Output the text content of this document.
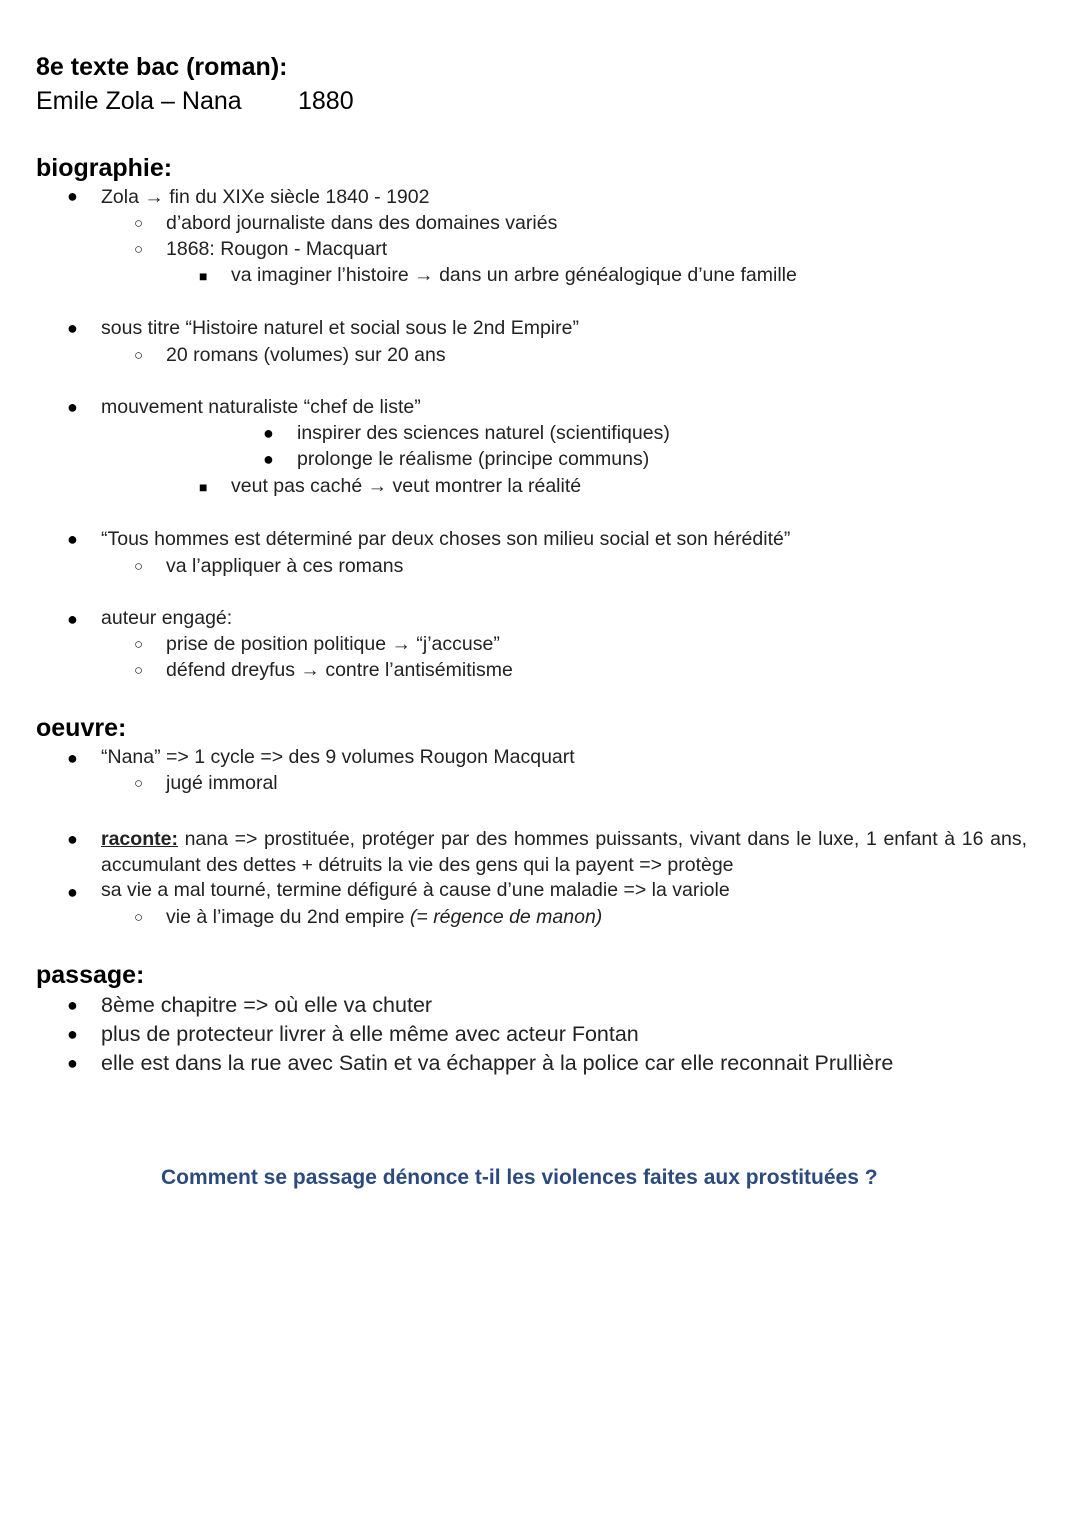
8e texte bac (roman):
Emile Zola – Nana 1880
biographie:
● Zola → fin du XIXe siècle 1840 - 1902
○ d’abord journaliste dans des domaines variés
○ 1868: Rougon - Macquart
■ va imaginer l’histoire → dans un arbre généalogique d’une famille
● sous titre “Histoire naturel et social sous le 2nd Empire”
○ 20 romans (volumes) sur 20 ans
● mouvement naturaliste “chef de liste”
● inspirer des sciences naturel (scientifiques)
● prolonge le réalisme (principe communs)
■ veut pas caché → veut montrer la réalité
● “Tous hommes est déterminé par deux choses son milieu social et son hérédité”
○ va l’appliquer à ces romans
● auteur engagé:
○ prise de position politique → “j’accuse”
○ défend dreyfus → contre l’antisémitisme
oeuvre:
● “Nana” => 1 cycle => des 9 volumes Rougon Macquart
○ jugé immoral
● raconte: nana => prostituée, protéger par des hommes puissants, vivant dans le luxe, 1 enfant à 16 ans, accumulant des dettes + détruits la vie des gens qui la payent => protège
● sa vie a mal tourné, termine défiguré à cause d’une maladie => la variole
○ vie à l’image du 2nd empire (= régence de manon)
passage:
● 8ème chapitre => où elle va chuter
● plus de protecteur livrer à elle même avec acteur Fontan
● elle est dans la rue avec Satin et va échapper à la police car elle reconnait Prullière
Comment se passage dénonce t-il les violences faites aux prostituées ?
